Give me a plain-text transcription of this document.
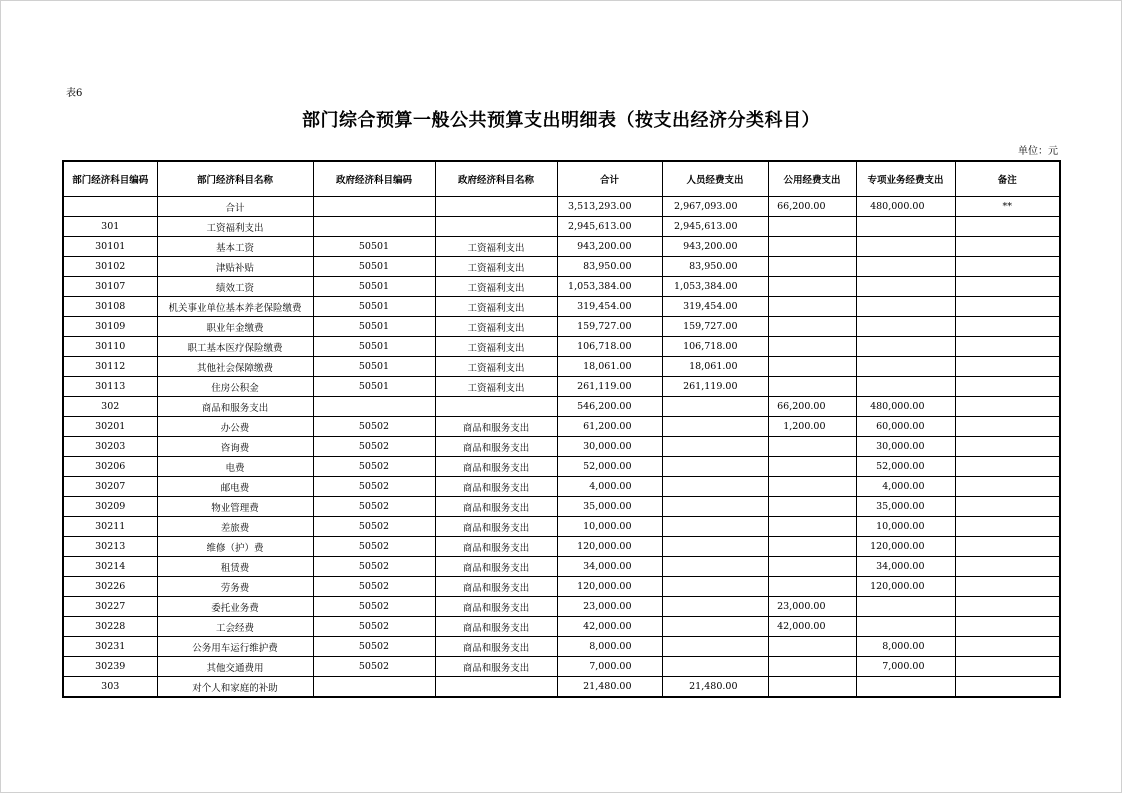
表6
部门综合预算一般公共预算支出明细表（按支出经济分类科目）
单位：元
部门经济科目编码	部门经济科目名称	政府经济科目编码	政府经济科目名称	合计	人员经费支出	公用经费支出	专项业务经费支出	备注
	合计			3,513,293.00	2,967,093.00	66,200.00	480,000.00	**
301	工资福利支出			2,945,613.00	2,945,613.00			
30101	基本工资	50501	工资福利支出	943,200.00	943,200.00			
30102	津贴补贴	50501	工资福利支出	83,950.00	83,950.00			
30107	绩效工资	50501	工资福利支出	1,053,384.00	1,053,384.00			
30108	机关事业单位基本养老保险缴费	50501	工资福利支出	319,454.00	319,454.00			
30109	职业年金缴费	50501	工资福利支出	159,727.00	159,727.00			
30110	职工基本医疗保险缴费	50501	工资福利支出	106,718.00	106,718.00			
30112	其他社会保障缴费	50501	工资福利支出	18,061.00	18,061.00			
30113	住房公积金	50501	工资福利支出	261,119.00	261,119.00			
302	商品和服务支出			546,200.00		66,200.00	480,000.00	
30201	办公费	50502	商品和服务支出	61,200.00		1,200.00	60,000.00	
30203	咨询费	50502	商品和服务支出	30,000.00			30,000.00	
30206	电费	50502	商品和服务支出	52,000.00			52,000.00	
30207	邮电费	50502	商品和服务支出	4,000.00			4,000.00	
30209	物业管理费	50502	商品和服务支出	35,000.00			35,000.00	
30211	差旅费	50502	商品和服务支出	10,000.00			10,000.00	
30213	维修（护）费	50502	商品和服务支出	120,000.00			120,000.00	
30214	租赁费	50502	商品和服务支出	34,000.00			34,000.00	
30226	劳务费	50502	商品和服务支出	120,000.00			120,000.00	
30227	委托业务费	50502	商品和服务支出	23,000.00		23,000.00		
30228	工会经费	50502	商品和服务支出	42,000.00		42,000.00		
30231	公务用车运行维护费	50502	商品和服务支出	8,000.00			8,000.00	
30239	其他交通费用	50502	商品和服务支出	7,000.00			7,000.00	
303	对个人和家庭的补助			21,480.00	21,480.00			
